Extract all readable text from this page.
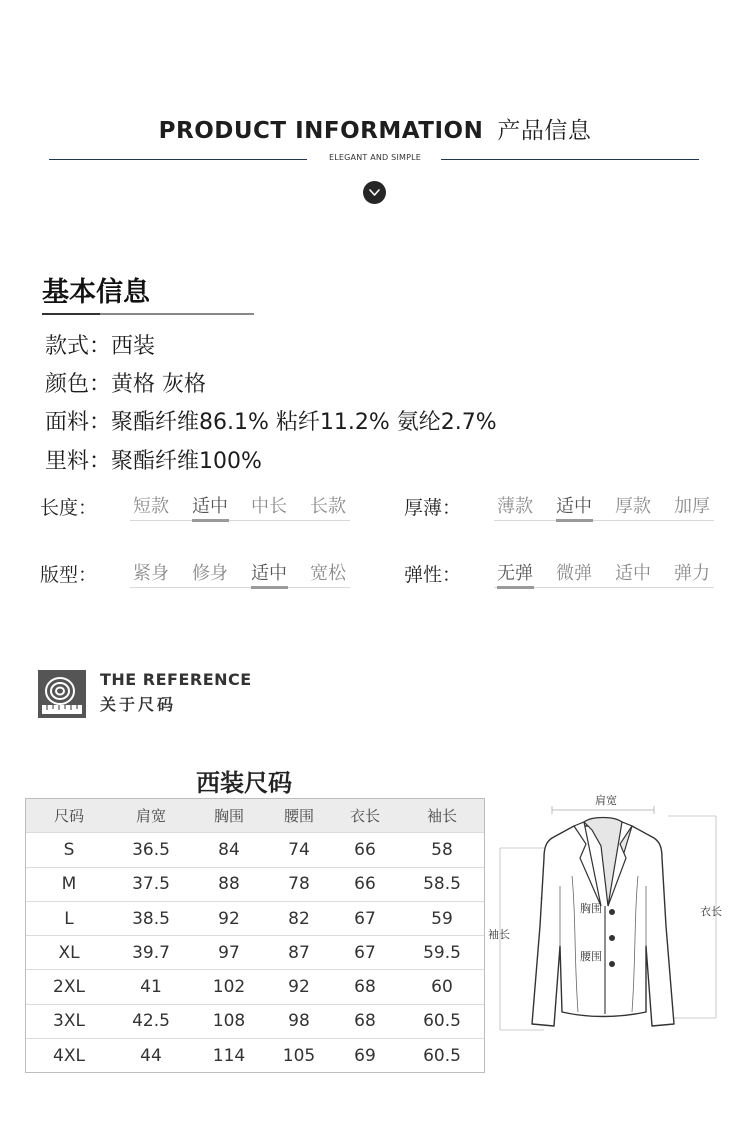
PRODUCT INFORMATION 产品信息
ELEGANT AND SIMPLE
基本信息
款式：西装
颜色：黄格 灰格
面料：聚酯纤维86.1% 粘纤11.2% 氨纶2.7%
里料：聚酯纤维100%
长度： 短款 适中 中长 长款	厚薄： 薄款 适中 厚款 加厚
版型： 紧身 修身 适中 宽松	弹性： 无弹 微弹 适中 弹力
THE REFERENCE
关于尺码
西装尺码
尺码	肩宽	胸围	腰围	衣长	袖长
S	36.5	84	74	66	58
M	37.5	88	78	66	58.5
L	38.5	92	82	67	59
XL	39.7	97	87	67	59.5
2XL	41	102	92	68	60
3XL	42.5	108	98	68	60.5
4XL	44	114	105	69	60.5
肩宽
胸围
腰围
袖长
衣长
